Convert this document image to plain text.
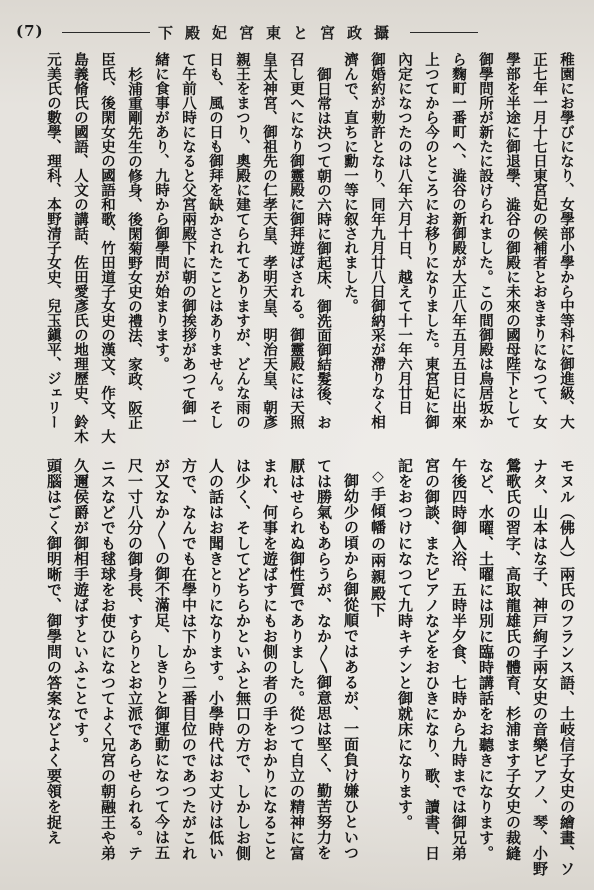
(7)	下殿妃宮東と宮政攝
稚園にお學びになり、女學部小學から中等科に御進級、大
正七年一月十七日東宮妃の候補者とおきまりになつて、女
學部を半途に御退學、澁谷の御殿に未來の國母陛下として
御學問所が新たに設けられました。この間御殿は鳥居坂か
ら麴町一番町へ、澁谷の新御殿が大正八年五月五日に出來
上つてから今のところにお移りになりました。東宮妃に御
內定になつたのは八年六月十日、越えて十一年六月廿日
御婚約が勅許となり、同年九月廿八日御納采が滯りなく相
濟んで、直ちに勳一等に叙されました。
御日常は決つて朝の六時に御起床、御洗面御結髮後、お
召し更へになり御靈殿に御拜遊ばされる。御靈殿には天照
皇太神宮、御祖先の仁孝天皇、孝明天皇、明治天皇、朝彥
親王をまつり、奧殿に建てられてありますが、どんな雨の
日も、風の日も御拜を缺かされたことはありません。そし
て午前八時になると父宮兩殿下に朝の御挨拶があつて御一
緖に食事があり、九時から御學問が始まります。
杉浦重剛先生の修身、後閑菊野女史の禮法、家政、阪正
臣氏、後閑女史の國語和歌、竹田道子女史の漢文、作文、大
島義脩氏の國語、人文の講話、佐田愛彥氏の地理歷史、鈴木
元美氏の數學、理科、本野清子女史、兒玉鎭平、ジェリー
モヌル（佛人）兩氏のフランス語、土岐信子女史の繪畫、ソ
ナタ、山本はな子、神戸絢子兩女史の音樂ピアノ、琴、小野
鶯歌氏の習字、高取龍雄氏の體育、杉浦ます子女史の裁縫
など、水曜、土曜には別に臨時講話をお聽きになります。
午後四時御入浴、五時半夕食、七時から九時までは御兄弟
宮の御談、またピアノなどをおひきになり、歌、讀書、日
記をおつけになつて九時キチンと御就床になります。
◇手傾幡の兩親殿下
御幼少の頃から御從順ではあるが、一面負け嫌ひといつ
ては勝氣もあらうが、なか〱御意思は堅く、勤苦努力を
厭はせられぬ御性質でありました。從つて自立の精神に富
まれ、何事を遊ばすにもお側の者の手をおかりになること
は少く、そしてどちらかといふと無口の方で、しかしお側
人の話はお聞きとりになります。小學時代はお丈けは低い
方で、なんでも在學中は下から二番目位のであつたがこれ
が又なか〱の御不滿足、しきりと御運動になつて今は五
尺一寸八分の御身長、すらりとお立派であらせられる。テ
ニスなどでも毬球をお使ひになつてよく兄宮の朝融王や弟
久邇侯爵が御相手遊ばすといふことです。
頭腦はごく御明晰で、御學問の答案などよく要領を捉え
